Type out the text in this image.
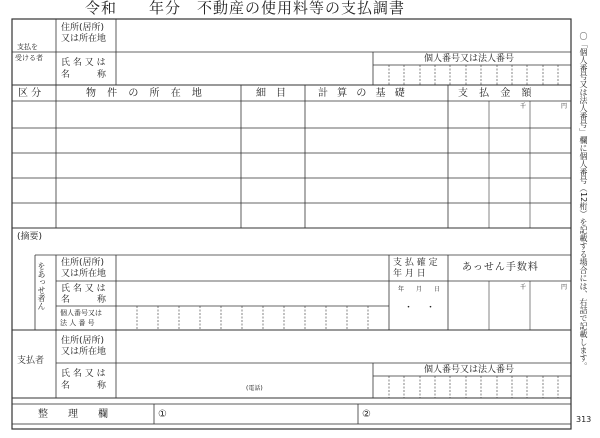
令和　　年分　不動産の使用料等の支払調書
支払を
受ける者
住所(居所)
又は所在地
氏 名 又 は
名　　　称
個人番号又は法人番号
区 分	物 件 の 所 在 地	細　目	計 算 の 基 礎	支 払 金 額
千	円
(摘要)
をあっせ者ん 住所(居所)
又は所在地
氏 名 又 は
名　　　称
個人番号又は
法 人 番 号
支 払 確 定
年 月 日
年　　月　　日
・　・
あっせん手数料
千	円
支払者
住所(居所)
又は所在地
氏 名 又 は
名　　　称	(電話)
個人番号又は法人番号
整　　理　　欄	①	②
〇「個人番号又は法人番号」欄に個人番号（12桁）を記載する場合には、右詰で記載します。
313
